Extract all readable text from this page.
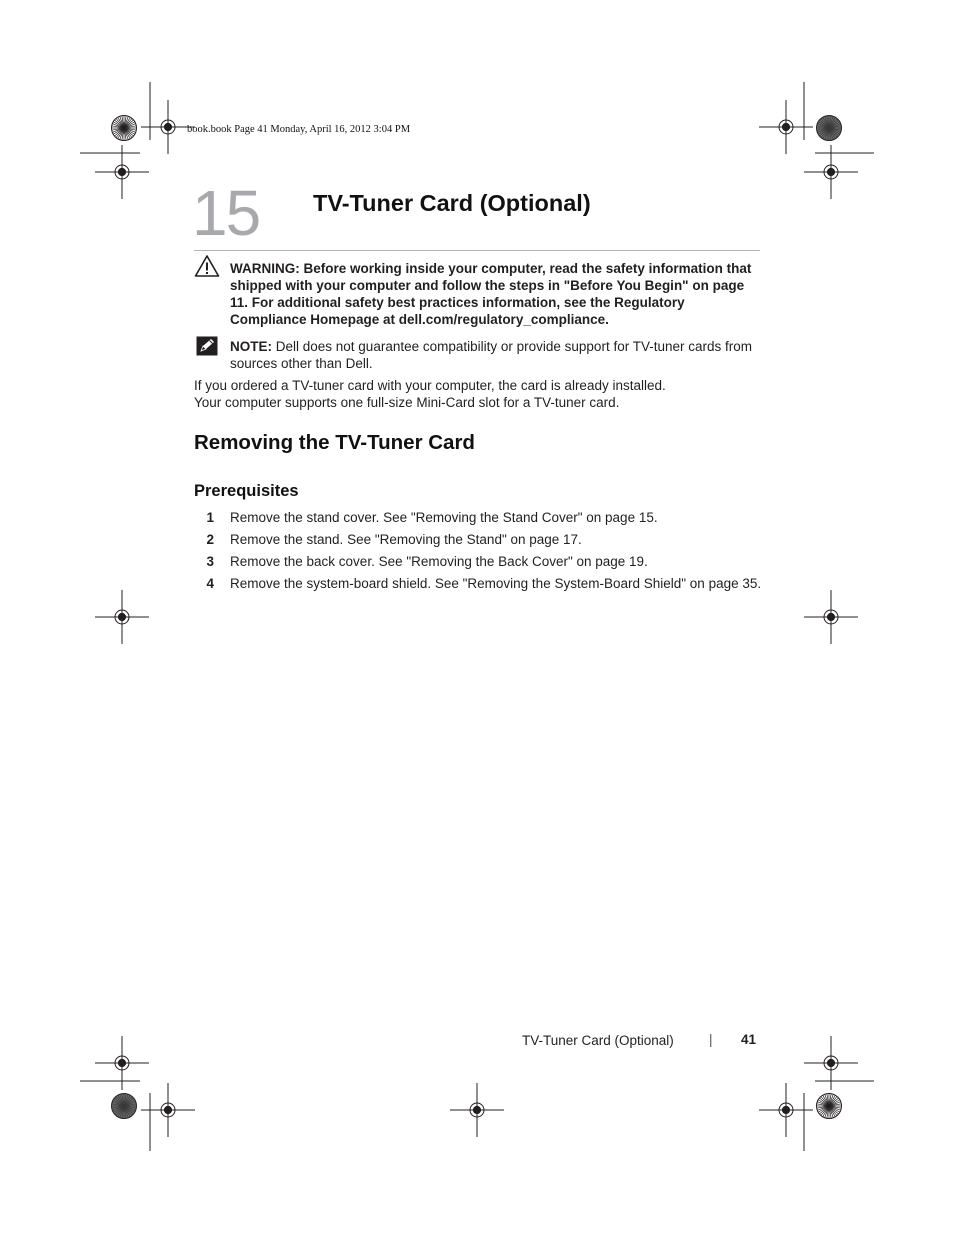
book.book Page 41 Monday, April 16, 2012 3:04 PM
15 TV-Tuner Card (Optional)
WARNING: Before working inside your computer, read the safety information that shipped with your computer and follow the steps in "Before You Begin" on page 11. For additional safety best practices information, see the Regulatory Compliance Homepage at dell.com/regulatory_compliance.
NOTE: Dell does not guarantee compatibility or provide support for TV-tuner cards from sources other than Dell.
If you ordered a TV-tuner card with your computer, the card is already installed.
Your computer supports one full-size Mini-Card slot for a TV-tuner card.
Removing the TV-Tuner Card
Prerequisites
1 Remove the stand cover. See "Removing the Stand Cover" on page 15.
2 Remove the stand. See "Removing the Stand" on page 17.
3 Remove the back cover. See "Removing the Back Cover" on page 19.
4 Remove the system-board shield. See "Removing the System-Board Shield" on page 35.
TV-Tuner Card (Optional)	| 41
